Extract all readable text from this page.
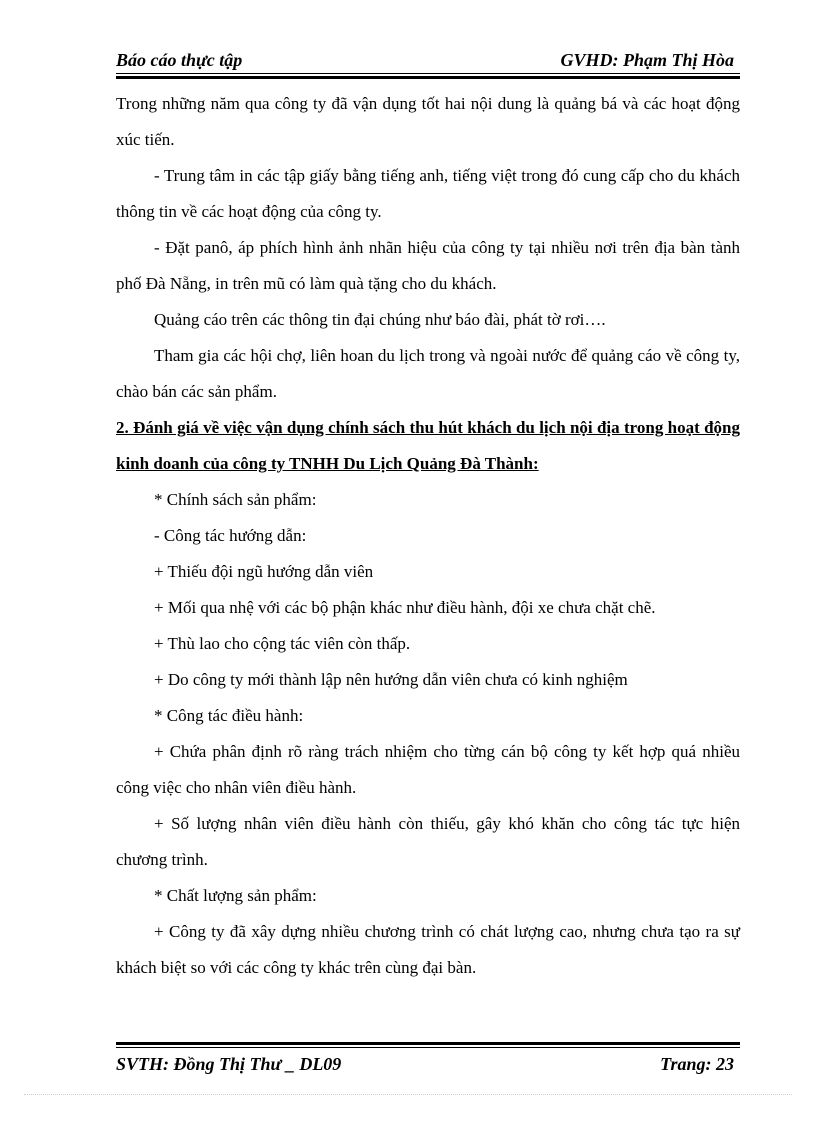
Báo cáo thực tập	GVHD: Phạm Thị Hòa

Trong những năm qua công ty đã vận dụng tốt hai nội dung là quảng bá và các hoạt động xúc tiến.

- Trung tâm in các tập giấy bằng tiếng anh, tiếng việt trong đó cung cấp cho du khách thông tin về các hoạt động của công ty.

- Đặt panô, áp phích hình ảnh nhãn hiệu của công ty tại nhiều nơi trên địa bàn tành phố Đà Nẵng, in trên mũ có làm quà tặng cho du khách.

Quảng cáo trên các thông tin đại chúng như báo đài, phát tờ rơi….

Tham gia các hội chợ, liên hoan du lịch trong và ngoài nước để quảng cáo về công ty, chào bán các sản phẩm.

2. Đánh giá về việc vận dụng chính sách thu hút khách du lịch nội địa trong hoạt động kinh doanh của công ty TNHH Du Lịch Quảng Đà Thành:

* Chính sách sản phẩm:

- Công tác hướng dẫn:

+ Thiếu đội ngũ hướng dẫn viên

+ Mối qua nhệ với các bộ phận khác như điều hành, đội xe chưa chặt chẽ.

+ Thù lao cho cộng tác viên còn thấp.

+ Do công ty mới thành lập nên hướng dẫn viên chưa có kinh nghiệm

* Công tác điều hành:

+ Chứa phân định rõ ràng trách nhiệm cho từng cán bộ công ty kết hợp quá nhiều công việc cho nhân viên điều hành.

+ Số lượng nhân viên điều hành còn thiếu, gây khó khăn cho công tác tực hiện chương trình.

* Chất lượng sản phẩm:

+ Công ty đã xây dựng nhiều chương trình có chát lượng cao, nhưng chưa tạo ra sự khách biệt so với các công ty khác trên cùng đại bàn.

SVTH: Đồng Thị Thư _ DL09	Trang: 23
